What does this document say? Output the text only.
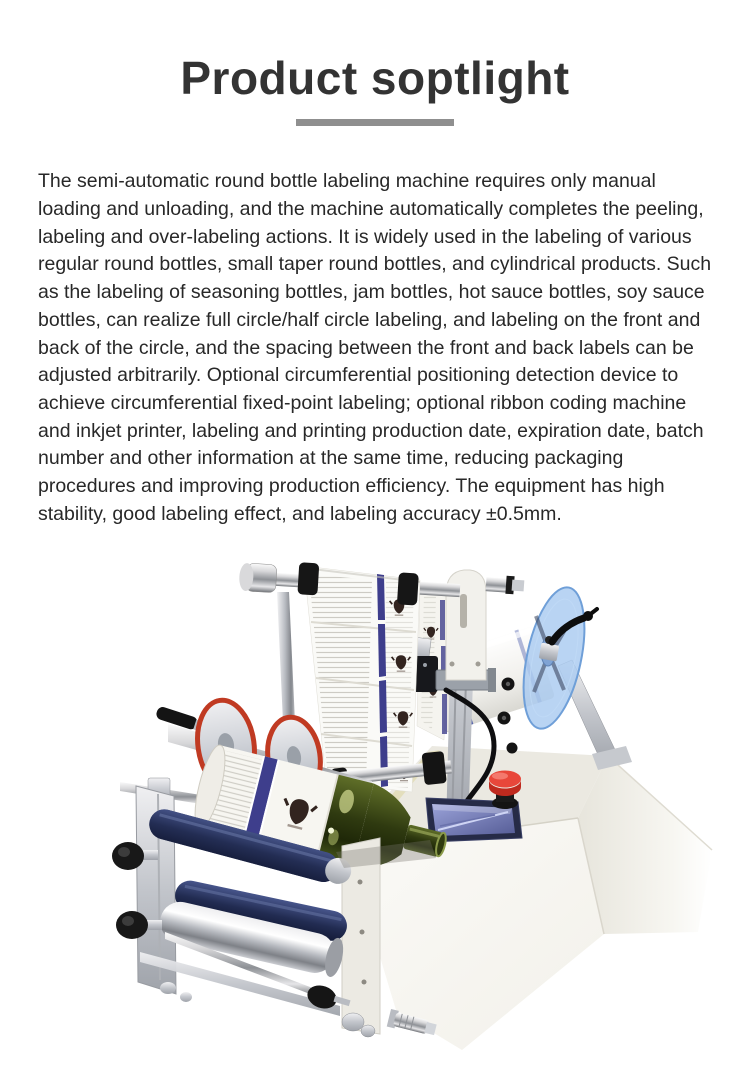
Product soptlight

The semi-automatic round bottle labeling machine requires only manual loading and unloading, and the machine automatically completes the peeling, labeling and over-labeling actions. It is widely used in the labeling of various regular round bottles, small taper round bottles, and cylindrical products. Such as the labeling of seasoning bottles, jam bottles, hot sauce bottles, soy sauce bottles, can realize full circle/half circle labeling, and labeling on the front and back of the circle, and the spacing between the front and back labels can be adjusted arbitrarily. Optional circumferential positioning detection device to achieve circumferential fixed-point labeling; optional ribbon coding machine and inkjet printer, labeling and printing production date, expiration date, batch number and other information at the same time, reducing packaging procedures and improving production efficiency. The equipment has high stability, good labeling effect, and labeling accuracy ±0.5mm.
